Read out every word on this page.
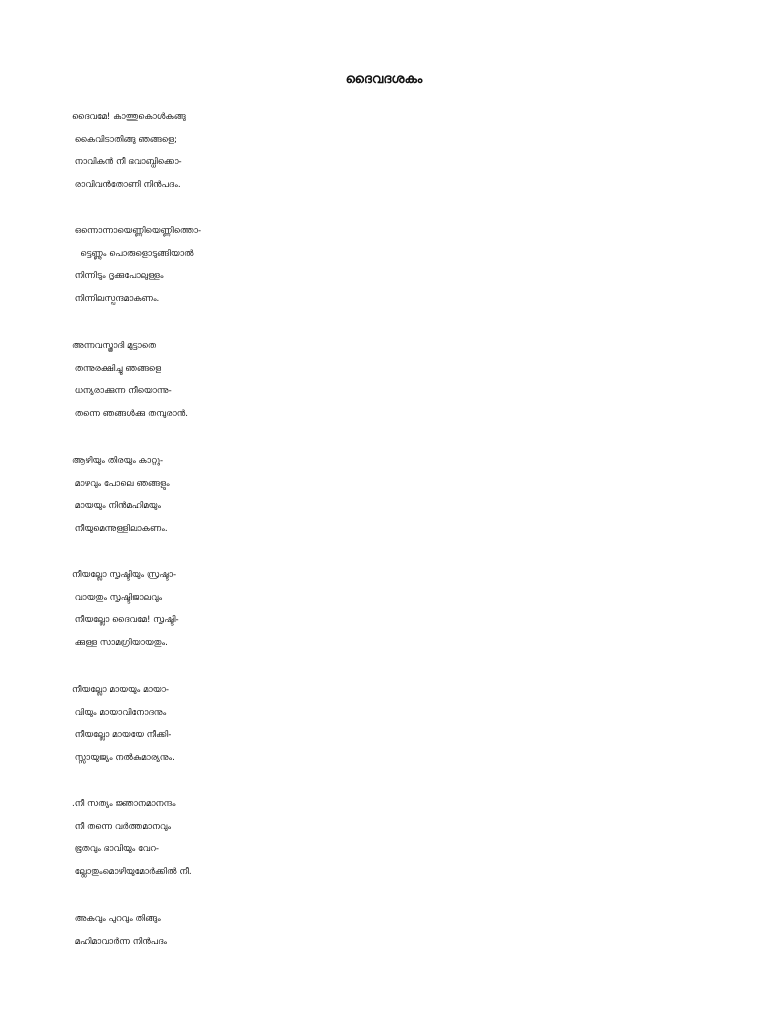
ദൈവദശകം
ദൈവമേ! കാത്തുകൊൾകങ്ങു
കൈവിടാതിങ്ങു ഞങ്ങളെ;
നാവികൻ നീ ഭവാബ്ധിക്കൊ-
രാവിവൻതോണി നിൻപദം.
ഒന്നൊന്നായെണ്ണിയെണ്ണിത്തൊ-
ട്ടെണ്ണും പൊരുളൊടുങ്ങിയാൽ
നിന്നിടും ദൃക്കുപോലുള്ളം
നിന്നിലസ്പന്ദമാകണം.
അന്നവസ്ത്രാദി മുട്ടാതെ
തന്നുരക്ഷിച്ചു ഞങ്ങളെ
ധന്യരാക്കുന്ന നീയൊന്നു-
തന്നെ ഞങ്ങൾക്കു തമ്പുരാൻ.
ആഴിയും തിരയും കാറ്റു-
മാഴവും പോലെ ഞങ്ങളും
മായയും നിൻമഹിമയും
നീയുമെന്നുള്ളിലാകണം.
നീയല്ലോ സൃഷ്ടിയും സ്രഷ്ടാ-
വായതും സൃഷ്ടിജാലവും
നീയല്ലോ ദൈവമേ! സൃഷ്ടി-
ക്കുള്ള സാമഗ്രിയായതും.
നീയല്ലോ മായയും മായാ-
വിയും മായാവിനോദനും
നീയല്ലോ മായയേ നീക്കി-
സ്സായുജ്യം നൽകുമാര്യനും.
.നീ സത്യം ജ്ഞാനമാനന്ദം
നീ തന്നെ വർത്തമാനവും
ഭൂതവും ഭാവിയും വേറ-
ല്ലോതുംമൊഴിയുമോർക്കിൽ നീ.
അകവും പുറവും തിങ്ങും
മഹിമാവാർന്ന നിൻപദം
